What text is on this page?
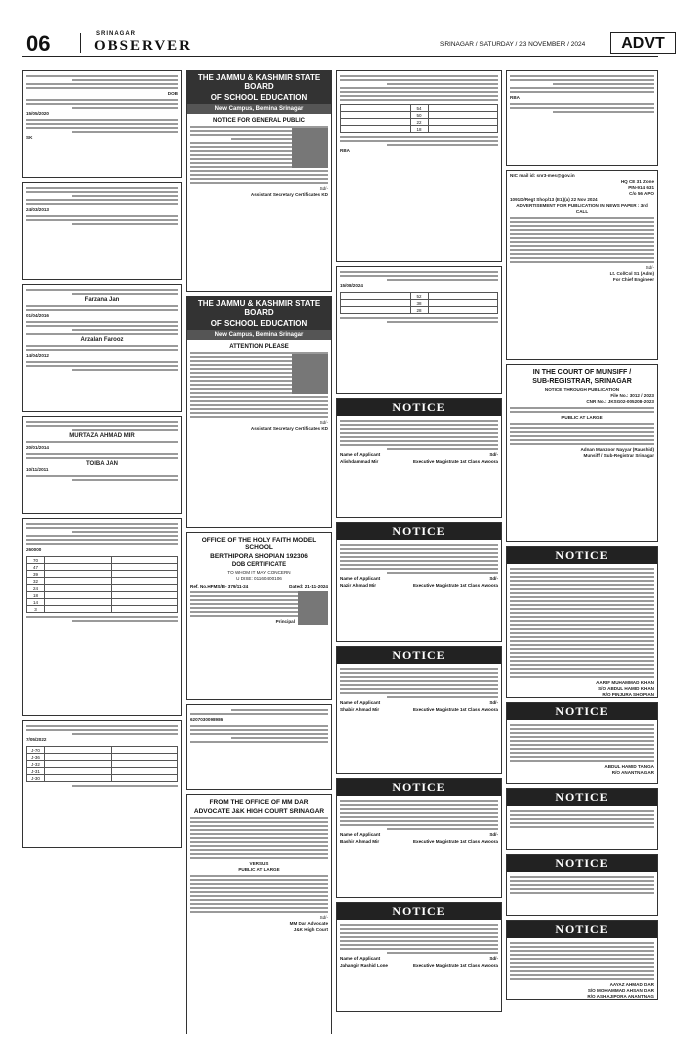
06	SRINAGAR
OBSERVER	SRINAGAR / SATURDAY / 23 NOVEMBER / 2024	ADVT
DOB
15/05/2020
SK
24/03/2013
Farzana Jan
01/04/2016
Arzalan Farooz
14/04/2012
MURTAZA AHMAD MIR
20/01/2014
TOIBA JAN
10/11/2011
260000
70		
47		
39		
32		
24		
18		
14		
3		
7/05/2022
J-70		
J-36		
J-32		
J-31		
J-30		
THE JAMMU & KASHMIR STATE BOARD
OF SCHOOL EDUCATION
New Campus, Bemina Srinagar
NOTICE FOR GENERAL PUBLIC
Sd/-
Assistant Secretary Certificates KD
THE JAMMU & KASHMIR STATE BOARD
OF SCHOOL EDUCATION
New Campus, Bemina Srinagar
ATTENTION PLEASE
Sd/-
Assistant Secretary Certificates KD
OFFICE OF THE HOLY FAITH MODEL SCHOOL
BERTHIPORA SHOPIAN 192306
DOB CERTIFICATE
TO WHOM IT MAY CONCERN
U DISE: 01160400106
Ref. No.HFMS/B- 379/11-24	Dated: 21-11-2024
Principal
6207030098986
FROM THE OFFICE OF MM DAR
ADVOCATE J&K HIGH COURT SRINAGAR
VERSUS
PUBLIC AT LARGE
Sd/-
MM Dar Advocate
J&K High Court
	54	
	50	
	22	
	18	
RBA
15/08/2024
	52	
	38	
	28	
NOTICE
Name of Applicant	Sd/-
Alishdammad Mir	Executive Magistrate 1st Class Awoora
NOTICE
Name of Applicant	Sd/-
Nazir Ahmad Mir	Executive Magistrate 1st Class Awoora
NOTICE
Name of Applicant	Sd/-
Shabir Ahmad Mir	Executive Magistrate 1st Class Awoora
NOTICE
Name of Applicant	Sd/-
Bashir Ahmad Mir	Executive Magistrate 1st Class Awoora
NOTICE
Name of Applicant	Sd/-
Jahangir Rashid Lone	Executive Magistrate 1st Class Awoora
RBA
NIC mail id: snr3-mes@gov.in
HQ CE 31 Zone
PIN-914 631
C/o 56 APO
1091D/Regt Shop/13 (E1)(a) 22 Nov 2024
ADVERTISEMENT FOR PUBLICATION IN NEWS PAPER : 3rd CALL
Sd/-
Lt. Col/Col S1 (Adm)
For Chief Engineer
IN THE COURT OF MUNSIFF /
SUB-REGISTRAR, SRINAGAR
NOTICE THROUGH PUBLICATION
File No.: 3012 / 2023
CNR No.: JKSG02-005208-2023
PUBLIC AT LARGE
Adnan Manzoor Nayyar (Raushid)
Munsiff / Sub-Registrar Srinagar
NOTICE
AARIF MUHAMMAD KHAN
S/O ABDUL HAMID KHAN
R/O PINJURA SHOPIAN
NOTICE
ABDUL HAMID TANGA
R/O ANANTNAGAR
NOTICE
NOTICE
NOTICE
AAYAZ AHMAD DAR
S/O MOHAMMAD AHSAN DAR
R/O ASHAJIPORA ANANTNAG
